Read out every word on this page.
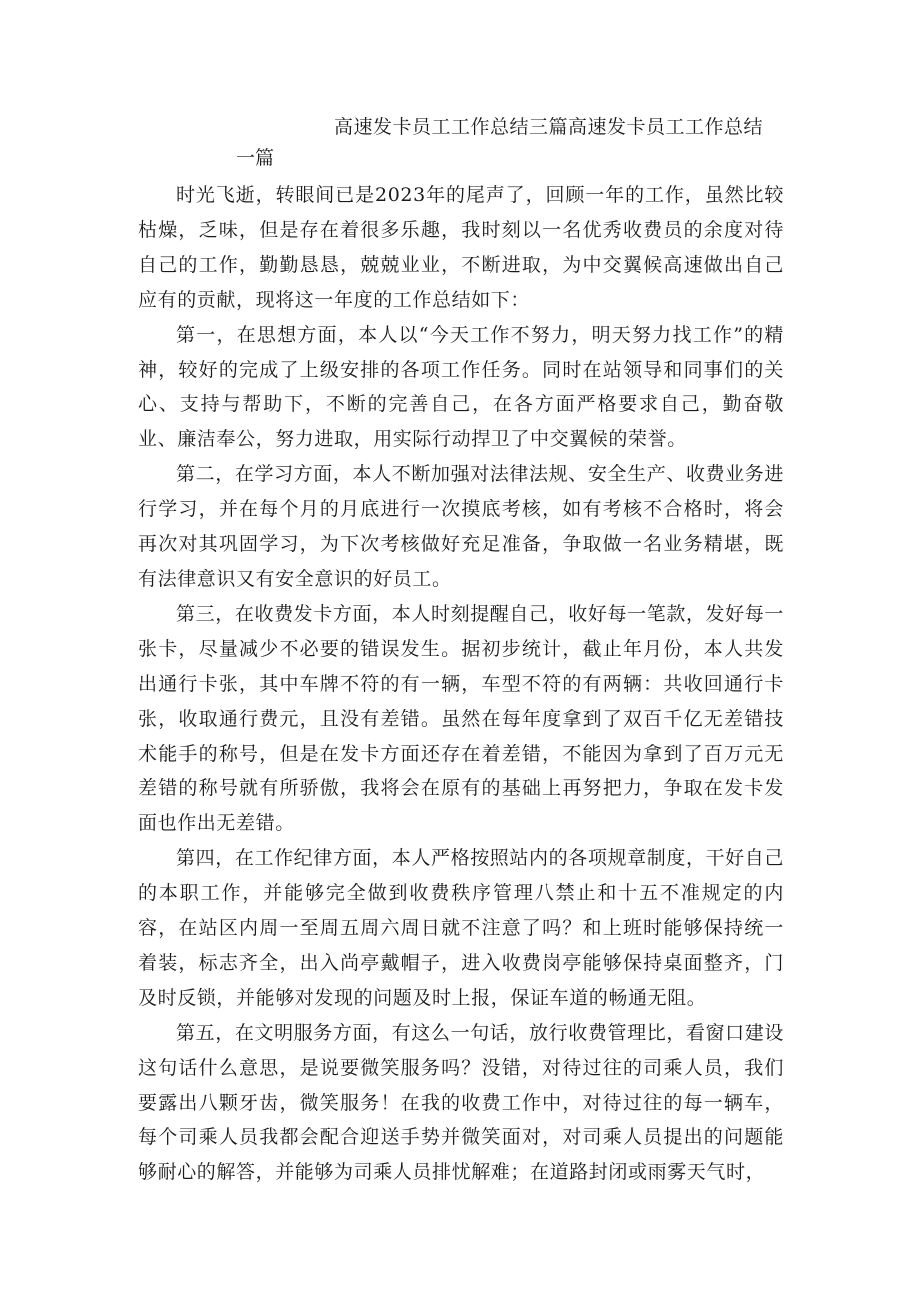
高速发卡员工工作总结三篇高速发卡员工工作总结
一篇

时光飞逝，转眼间已是2023年的尾声了，回顾一年的工作，虽然比较枯燥，乏味，但是存在着很多乐趣，我时刻以一名优秀收费员的余度对待自己的工作，勤勤恳恳，兢兢业业，不断进取，为中交翼候高速做出自己应有的贡献，现将这一年度的工作总结如下：

第一，在思想方面，本人以“今天工作不努力，明天努力找工作”的精神，较好的完成了上级安排的各项工作任务。同时在站领导和同事们的关心、支持与帮助下，不断的完善自己，在各方面严格要求自己，勤奋敬业、廉洁奉公，努力进取，用实际行动捍卫了中交翼候的荣誉。

第二，在学习方面，本人不断加强对法律法规、安全生产、收费业务进行学习，并在每个月的月底进行一次摸底考核，如有考核不合格时，将会再次对其巩固学习，为下次考核做好充足准备，争取做一名业务精堪，既有法律意识又有安全意识的好员工。

第三，在收费发卡方面，本人时刻提醒自己，收好每一笔款，发好每一张卡，尽量减少不必要的错误发生。据初步统计，截止年月份，本人共发出通行卡张，其中车牌不符的有一辆，车型不符的有两辆：共收回通行卡张，收取通行费元，且没有差错。虽然在每年度拿到了双百千亿无差错技术能手的称号，但是在发卡方面还存在着差错，不能因为拿到了百万元无差错的称号就有所骄傲，我将会在原有的基础上再努把力，争取在发卡发面也作出无差错。

第四，在工作纪律方面，本人严格按照站内的各项规章制度，干好自己的本职工作，并能够完全做到收费秩序管理八禁止和十五不准规定的内容，在站区内周一至周五周六周日就不注意了吗？和上班时能够保持统一着装，标志齐全，出入尚亭戴帽子，进入收费岗亭能够保持桌面整齐，门及时反锁，并能够对发现的问题及时上报，保证车道的畅通无阻。

第五，在文明服务方面，有这么一句话，放行收费管理比，看窗口建设这句话什么意思，是说要微笑服务吗？没错，对待过往的司乘人员，我们要露出八颗牙齿，微笑服务！在我的收费工作中，对待过往的每一辆车，每个司乘人员我都会配合迎送手势并微笑面对，对司乘人员提出的问题能够耐心的解答，并能够为司乘人员排忧解难；在道路封闭或雨雾天气时，
